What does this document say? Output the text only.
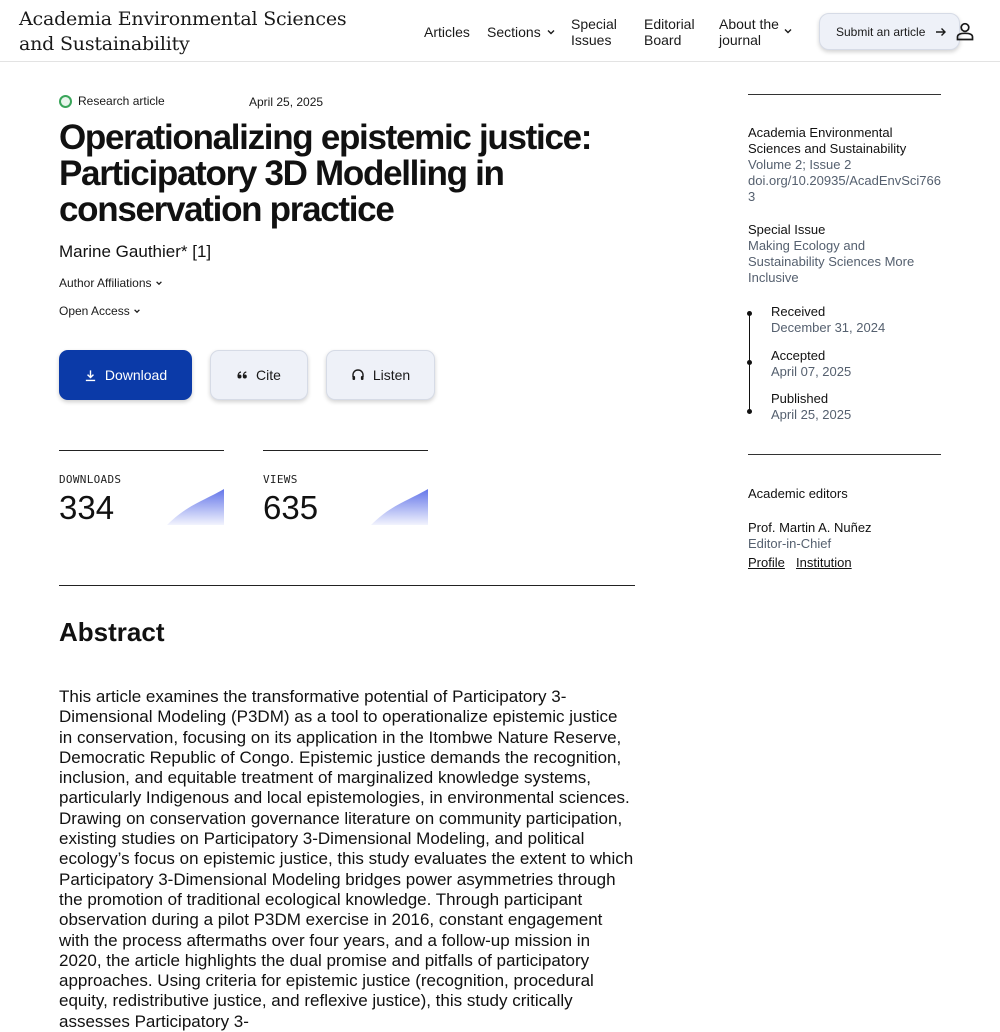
Academia Environmental Sciences and Sustainability
Articles Sections Special Issues
Editorial Board
About the journal
Submit an article
Research article	April 25, 2025
Operationalizing epistemic justice: Participatory 3D Modelling in conservation practice
Marine Gauthier* [1]
Author Affiliations
Open Access
Download	Cite	Listen
DOWNLOADS
334
VIEWS
635
Abstract

This article examines the transformative potential of Participatory 3-Dimensional Modeling (P3DM) as a tool to operationalize epistemic justice in conservation, focusing on its application in the Itombwe Nature Reserve, Democratic Republic of Congo. Epistemic justice demands the recognition, inclusion, and equitable treatment of marginalized knowledge systems, particularly Indigenous and local epistemologies, in environmental sciences. Drawing on conservation governance literature on community participation, existing studies on Participatory 3-Dimensional Modeling, and political ecology’s focus on epistemic justice, this study evaluates the extent to which Participatory 3-Dimensional Modeling bridges power asymmetries through the promotion of traditional ecological knowledge. Through participant observation during a pilot P3DM exercise in 2016, constant engagement with the process aftermaths over four years, and a follow-up mission in 2020, the article highlights the dual promise and pitfalls of participatory approaches. Using criteria for epistemic justice (recognition, procedural equity, redistributive justice, and reflexive justice), this study critically assesses Participatory 3-

Academia Environmental Sciences and Sustainability
Volume 2; Issue 2
doi.org/10.20935/AcadEnvSci7663
Special Issue
Making Ecology and Sustainability Sciences More Inclusive
Received
December 31, 2024
Accepted
April 07, 2025
Published
April 25, 2025
Academic editors
Prof. Martin A. Nuñez
Editor-in-Chief
Profile Institution
